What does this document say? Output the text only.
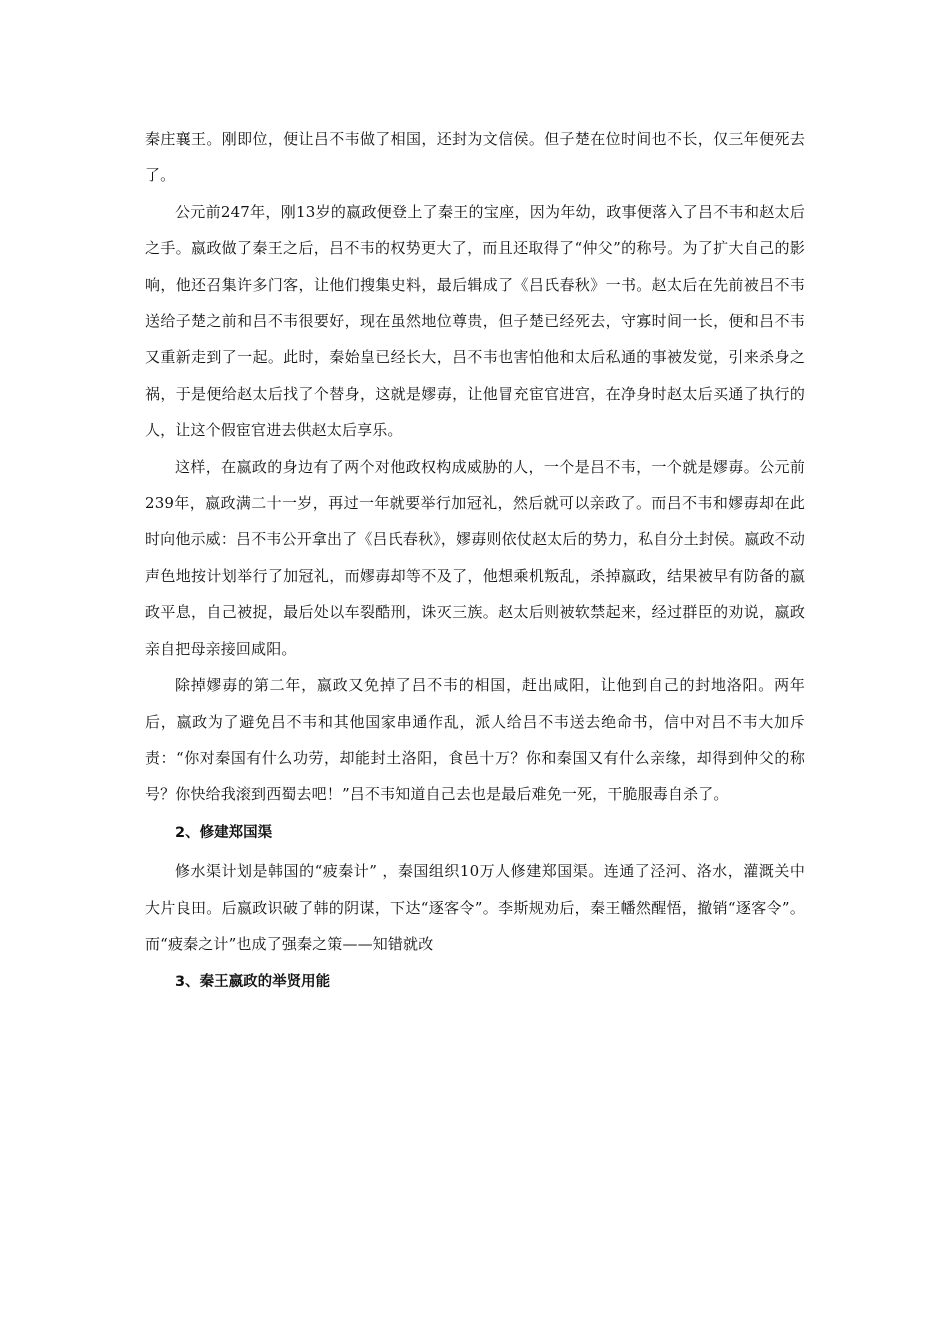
秦庄襄王。刚即位，便让吕不韦做了相国，还封为文信侯。但子楚在位时间也不长，仅三年便死去了。

公元前247年，刚13岁的嬴政便登上了秦王的宝座，因为年幼，政事便落入了吕不韦和赵太后之手。嬴政做了秦王之后，吕不韦的权势更大了，而且还取得了“仲父”的称号。为了扩大自己的影响，他还召集许多门客，让他们搜集史料，最后辑成了《吕氏春秋》一书。赵太后在先前被吕不韦送给子楚之前和吕不韦很要好，现在虽然地位尊贵，但子楚已经死去，守寡时间一长，便和吕不韦又重新走到了一起。此时，秦始皇已经长大，吕不韦也害怕他和太后私通的事被发觉，引来杀身之祸，于是便给赵太后找了个替身，这就是嫪毐，让他冒充宦官进宫，在净身时赵太后买通了执行的人，让这个假宦官进去供赵太后享乐。

这样，在嬴政的身边有了两个对他政权构成威胁的人，一个是吕不韦，一个就是嫪毐。公元前239年，嬴政满二十一岁，再过一年就要举行加冠礼，然后就可以亲政了。而吕不韦和嫪毐却在此时向他示威：吕不韦公开拿出了《吕氏春秋》，嫪毐则依仗赵太后的势力，私自分土封侯。嬴政不动声色地按计划举行了加冠礼，而嫪毐却等不及了，他想乘机叛乱，杀掉嬴政，结果被早有防备的嬴政平息，自己被捉，最后处以车裂酷刑，诛灭三族。赵太后则被软禁起来，经过群臣的劝说，嬴政亲自把母亲接回咸阳。

除掉嫪毐的第二年，嬴政又免掉了吕不韦的相国，赶出咸阳，让他到自己的封地洛阳。两年后，嬴政为了避免吕不韦和其他国家串通作乱，派人给吕不韦送去绝命书，信中对吕不韦大加斥责：“你对秦国有什么功劳，却能封土洛阳，食邑十万？你和秦国又有什么亲缘，却得到仲父的称号？你快给我滚到西蜀去吧！”吕不韦知道自己去也是最后难免一死，干脆服毒自杀了。

2、修建郑国渠

修水渠计划是韩国的“疲秦计” ，秦国组织10万人修建郑国渠。连通了泾河、洛水，灌溉关中大片良田。后嬴政识破了韩的阴谋，下达“逐客令”。李斯规劝后，秦王幡然醒悟，撤销“逐客令”。而“疲秦之计”也成了强秦之策——知错就改

3、秦王嬴政的举贤用能
